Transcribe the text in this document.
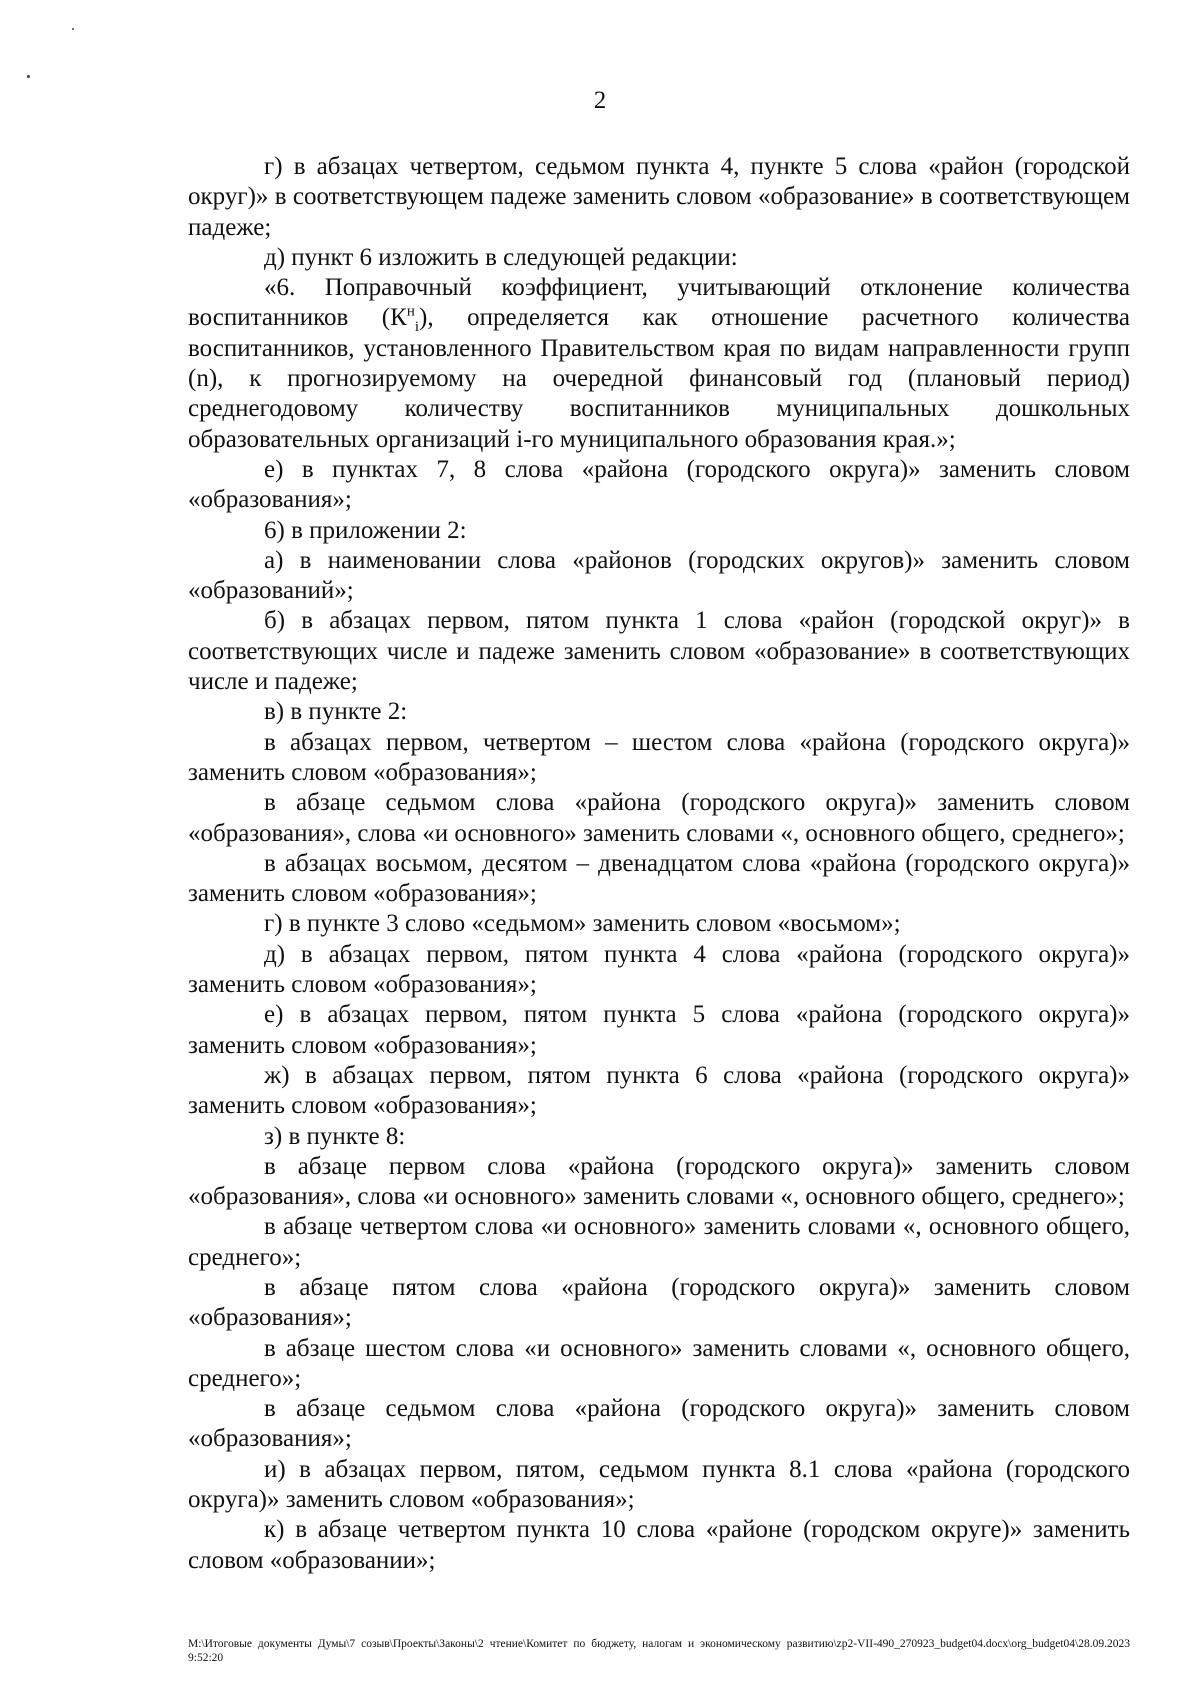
2

г) в абзацах четвертом, седьмом пункта 4, пункте 5 слова «район (городской округ)» в соответствующем падеже заменить словом «образование» в соответствующем падеже;

д) пункт 6 изложить в следующей редакции:

«6. Поправочный коэффициент, учитывающий отклонение количества воспитанников $(К^н_i)$, определяется как отношение расчетного количества воспитанников, установленного Правительством края по видам направленности групп (n), к прогнозируемому на очередной финансовый год (плановый период) среднегодовому количеству воспитанников муниципальных дошкольных образовательных организаций i-го муниципального образования края.»;

е) в пунктах 7, 8 слова «района (городского округа)» заменить словом «образования»;

6) в приложении 2:

а) в наименовании слова «районов (городских округов)» заменить словом «образований»;

б) в абзацах первом, пятом пункта 1 слова «район (городской округ)» в соответствующих числе и падеже заменить словом «образование» в соответствующих числе и падеже;

в) в пункте 2:

в абзацах первом, четвертом – шестом слова «района (городского округа)» заменить словом «образования»;

в абзаце седьмом слова «района (городского округа)» заменить словом «образования», слова «и основного» заменить словами «, основного общего, среднего»;

в абзацах восьмом, десятом – двенадцатом слова «района (городского округа)» заменить словом «образования»;

г) в пункте 3 слово «седьмом» заменить словом «восьмом»;

д) в абзацах первом, пятом пункта 4 слова «района (городского округа)» заменить словом «образования»;

е) в абзацах первом, пятом пункта 5 слова «района (городского округа)» заменить словом «образования»;

ж) в абзацах первом, пятом пункта 6 слова «района (городского округа)» заменить словом «образования»;

з) в пункте 8:

в абзаце первом слова «района (городского округа)» заменить словом «образования», слова «и основного» заменить словами «, основного общего, среднего»;

в абзаце четвертом слова «и основного» заменить словами «, основного общего, среднего»;

в абзаце пятом слова «района (городского округа)» заменить словом «образования»;

в абзаце шестом слова «и основного» заменить словами «, основного общего, среднего»;

в абзаце седьмом слова «района (городского округа)» заменить словом «образования»;

и) в абзацах первом, пятом, седьмом пункта 8.1 слова «района (городского округа)» заменить словом «образования»;

к) в абзаце четвертом пункта 10 слова «районе (городском округе)» заменить словом «образовании»;

M:\Итоговые документы Думы\7 созыв\Проекты\Законы\2 чтение\Комитет по бюджету, налогам и экономическому развитию\zp2-VII-490_270923_budget04.docx\org_budget04\28.09.2023 9:52:20
